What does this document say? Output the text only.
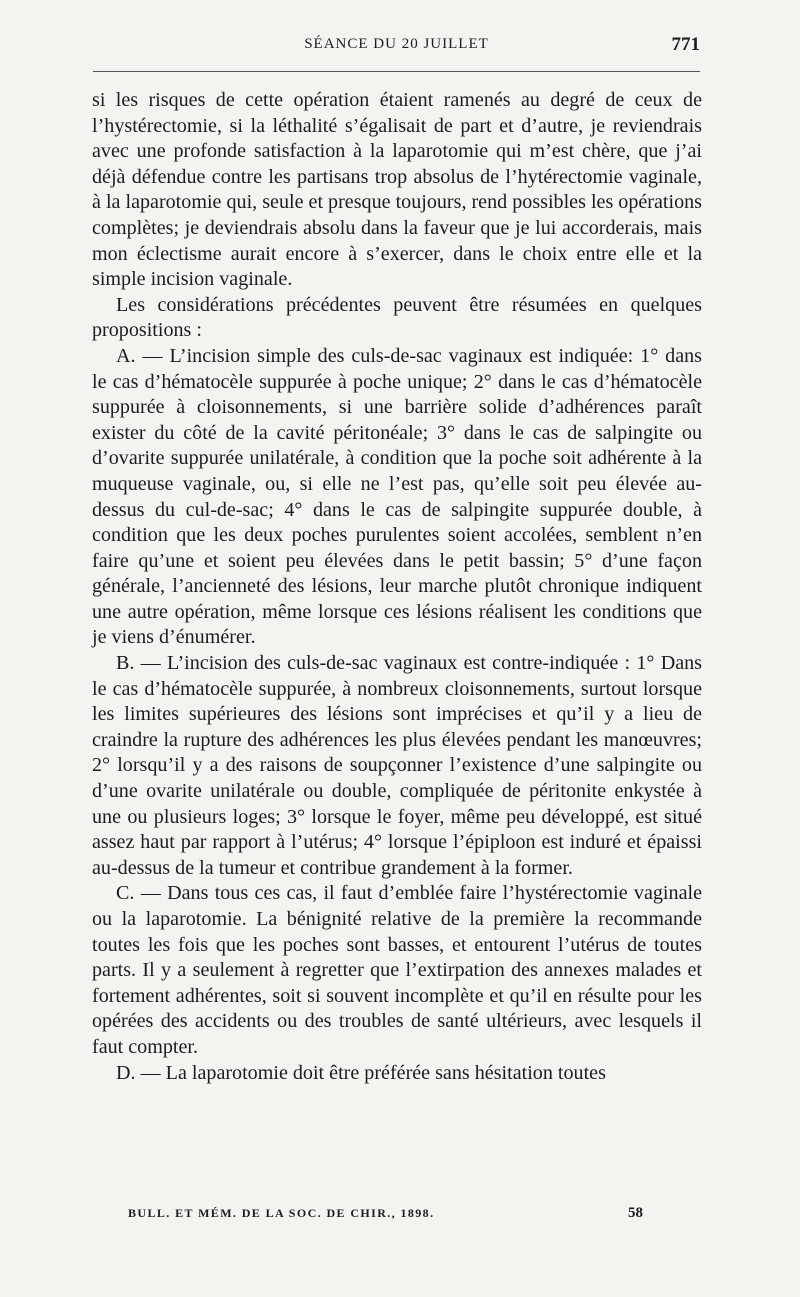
SÉANCE DU 20 JUILLET	771

si les risques de cette opération étaient ramenés au degré de ceux de l’hystérectomie, si la léthalité s’égalisait de part et d’autre, je reviendrais avec une profonde satisfaction à la laparotomie qui m’est chère, que j’ai déjà défendue contre les partisans trop absolus de l’hytérectomie vaginale, à la laparotomie qui, seule et presque toujours, rend possibles les opérations complètes; je deviendrais absolu dans la faveur que je lui accorderais, mais mon éclectisme aurait encore à s’exercer, dans le choix entre elle et la simple incision vaginale.

Les considérations précédentes peuvent être résumées en quelques propositions :

A. — L’incision simple des culs-de-sac vaginaux est indiquée: 1° dans le cas d’hématocèle suppurée à poche unique; 2° dans le cas d’hématocèle suppurée à cloisonnements, si une barrière solide d’adhérences paraît exister du côté de la cavité péritonéale; 3° dans le cas de salpingite ou d’ovarite suppurée unilatérale, à condition que la poche soit adhérente à la muqueuse vaginale, ou, si elle ne l’est pas, qu’elle soit peu élevée au-dessus du cul-de-sac; 4° dans le cas de salpingite suppurée double, à condition que les deux poches purulentes soient accolées, semblent n’en faire qu’une et soient peu élevées dans le petit bassin; 5° d’une façon générale, l’ancienneté des lésions, leur marche plutôt chronique indiquent une autre opération, même lorsque ces lésions réalisent les conditions que je viens d’énumérer.

B. — L’incision des culs-de-sac vaginaux est contre-indiquée : 1° Dans le cas d’hématocèle suppurée, à nombreux cloisonnements, surtout lorsque les limites supérieures des lésions sont imprécises et qu’il y a lieu de craindre la rupture des adhérences les plus élevées pendant les manœuvres; 2° lorsqu’il y a des raisons de soupçonner l’existence d’une salpingite ou d’une ovarite unilatérale ou double, compliquée de péritonite enkystée à une ou plusieurs loges; 3° lorsque le foyer, même peu développé, est situé assez haut par rapport à l’utérus; 4° lorsque l’épiploon est induré et épaissi au-dessus de la tumeur et contribue grandement à la former.

C. — Dans tous ces cas, il faut d’emblée faire l’hystérectomie vaginale ou la laparotomie. La bénignité relative de la première la recommande toutes les fois que les poches sont basses, et entourent l’utérus de toutes parts. Il y a seulement à regretter que l’extirpation des annexes malades et fortement adhérentes, soit si souvent incomplète et qu’il en résulte pour les opérées des accidents ou des troubles de santé ultérieurs, avec lesquels il faut compter.

D. — La laparotomie doit être préférée sans hésitation toutes

BULL. ET MÉM. DE LA SOC. DE CHIR., 1898.	58
